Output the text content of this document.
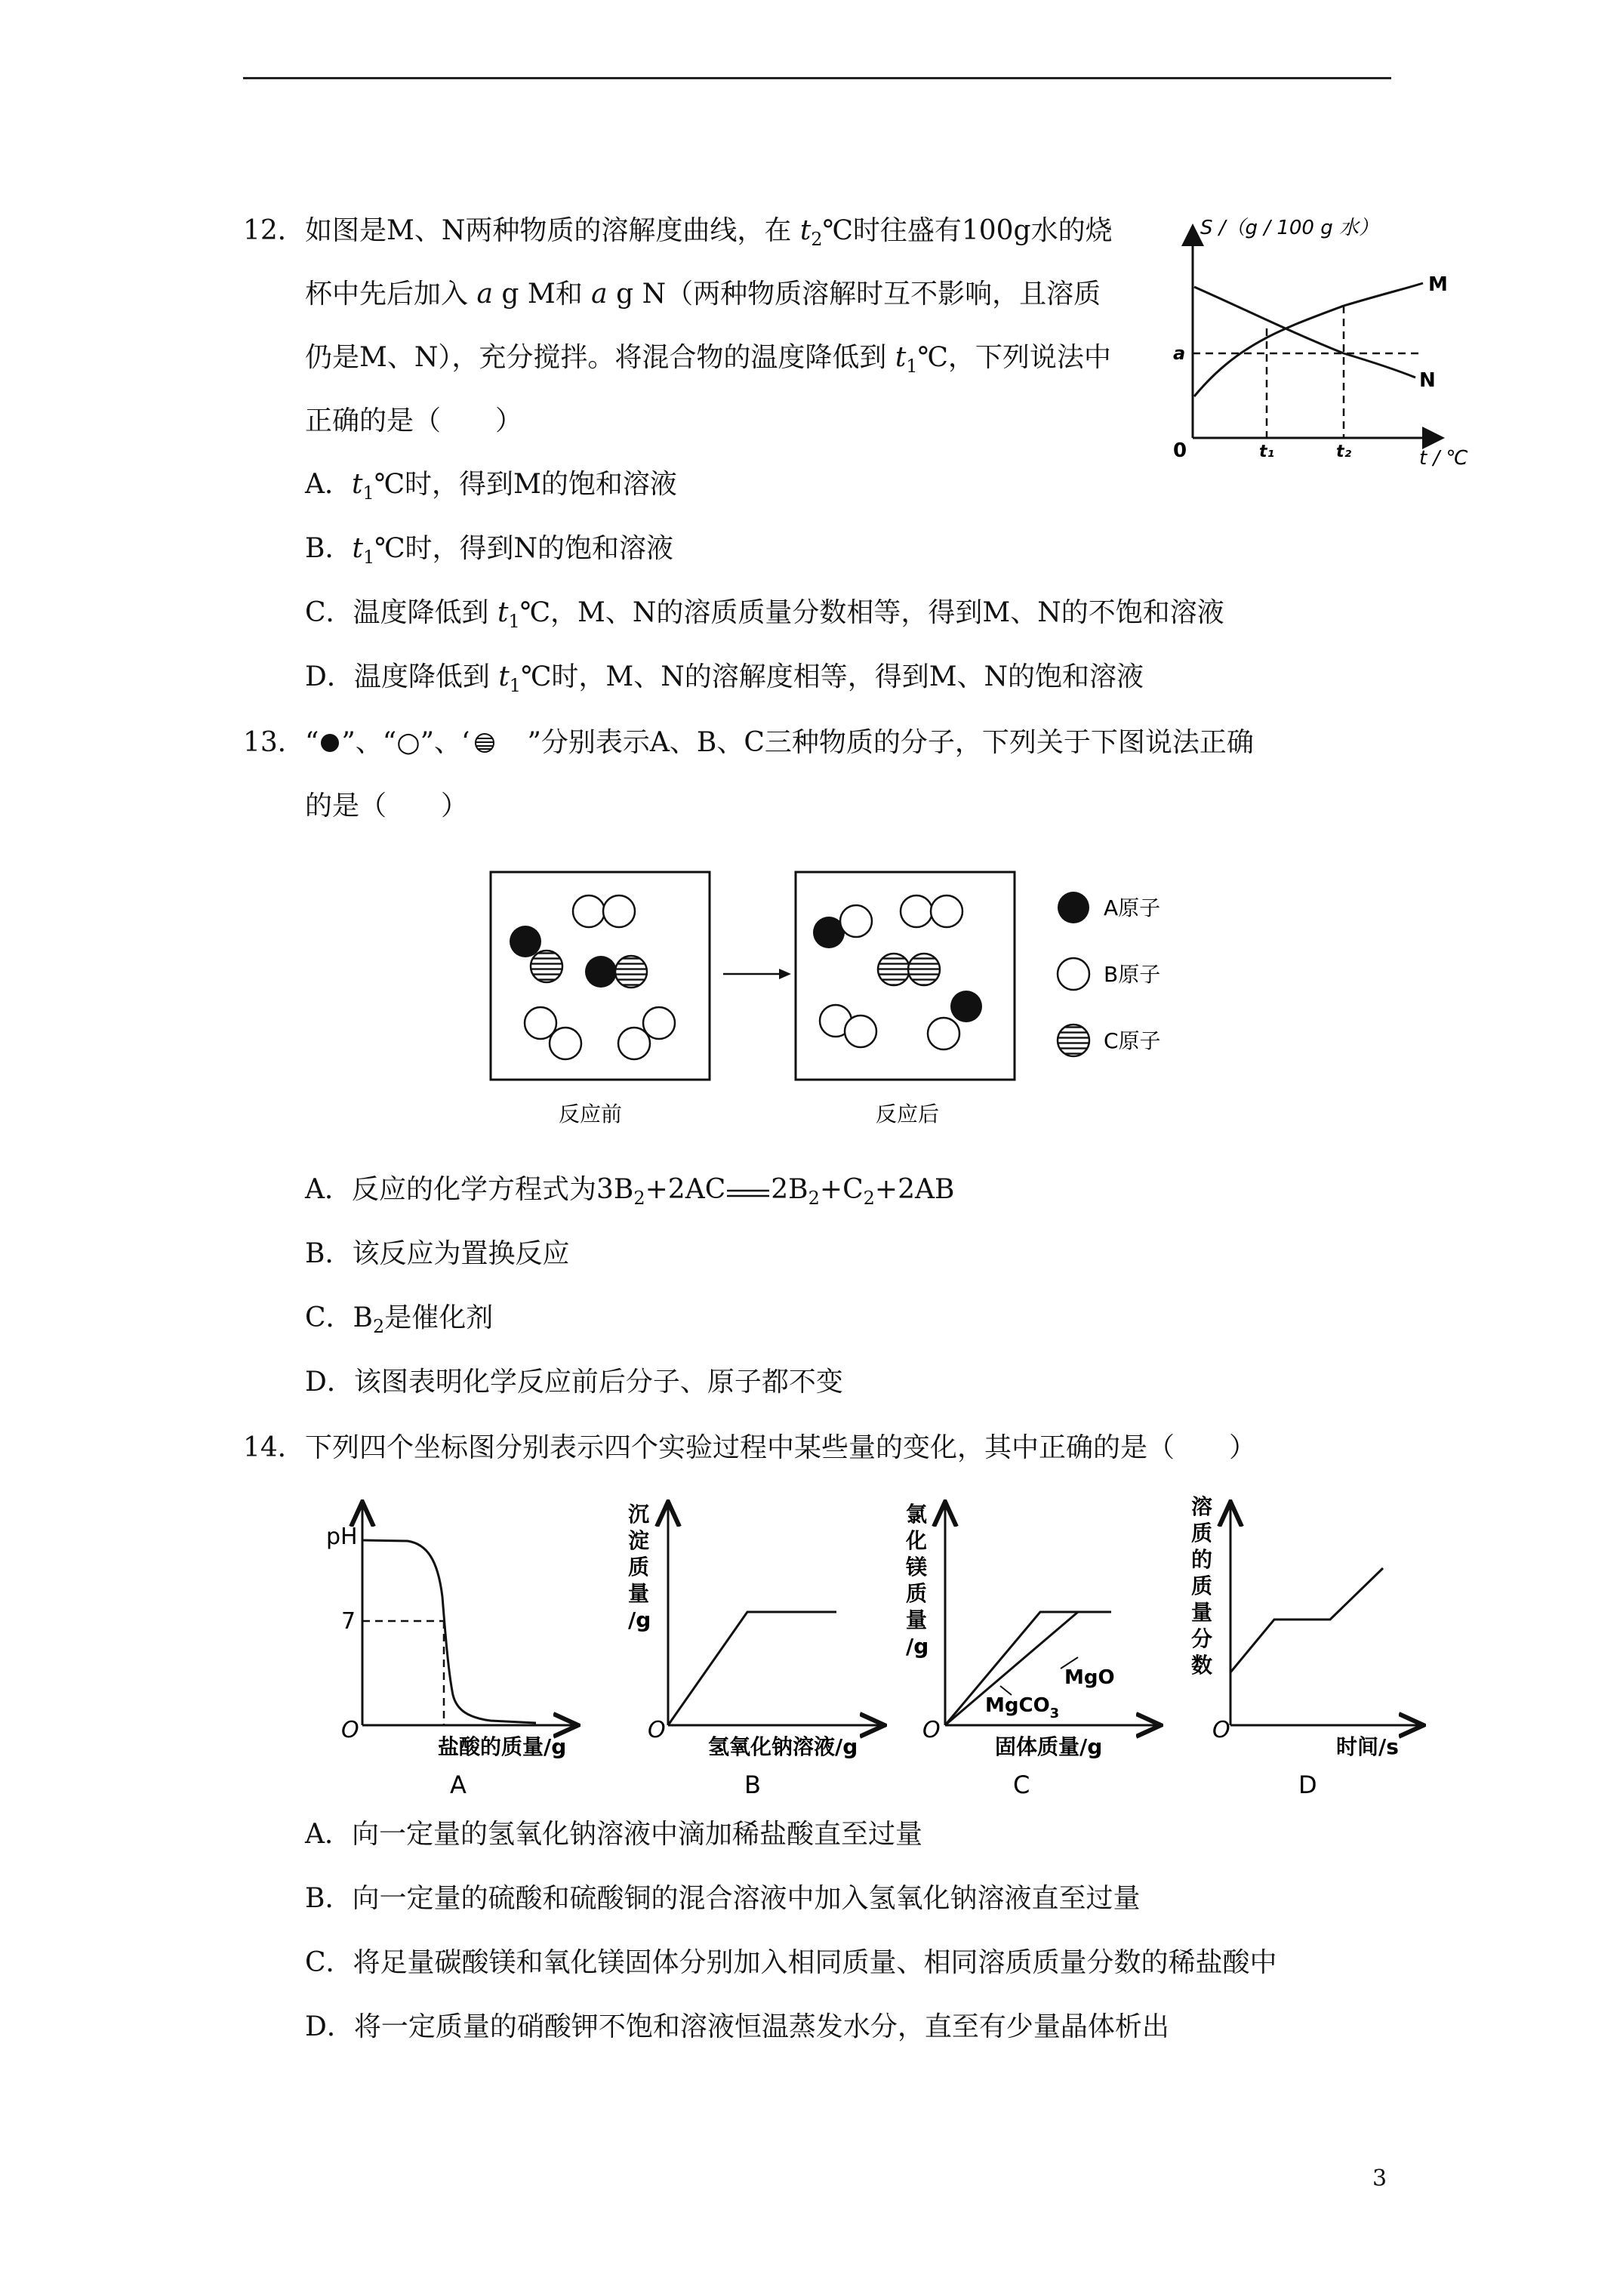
12．如图是M、N两种物质的溶解度曲线，在 $t_2℃$时往盛有100g水的烧
杯中先后加入 a g M和 a g N（两种物质溶解时互不影响，且溶质
仍是M、N），充分搅拌。将混合物的温度降低到 $t_1℃$，下列说法中
正确的是（　　）
A．$t_1℃$时，得到M的饱和溶液
B．$t_1℃$时，得到N的饱和溶液
C．温度降低到 $t_1℃$，M、N的溶质质量分数相等，得到M、N的不饱和溶液
D．温度降低到 $t_1℃$时，M、N的溶解度相等，得到M、N的饱和溶液
S /（g / 100 g 水）
M
N
a
0	t₁	t₂	t / ℃
13．“ ”、“○”、‘　”分别表示A、B、C三种物质的分子，下列关于下图说法正确
的是（　　）
A原子
B原子
C原子
反应前	反应后
A．反应的化学方程式为$3B_2+2AC$ $2B_2+C_2+2AB$
B．该反应为置换反应
C．$B_2$是催化剂
D．该图表明化学反应前后分子、原子都不变
14．下列四个坐标图分别表示四个实验过程中某些量的变化，其中正确的是（　　）
pH
7
O
盐酸的质量/g
A
沉
淀
质
量
/g
O
氢氧化钠溶液/g
B
氯
化
镁
质
量
/g
MgO
MgCO$_3$
O
固体质量/g
C
溶
质
的
质
量
分
数
O
时间/s
D
A．向一定量的氢氧化钠溶液中滴加稀盐酸直至过量
B．向一定量的硫酸和硫酸铜的混合溶液中加入氢氧化钠溶液直至过量
C．将足量碳酸镁和氧化镁固体分别加入相同质量、相同溶质质量分数的稀盐酸中
D．将一定质量的硝酸钾不饱和溶液恒温蒸发水分，直至有少量晶体析出
3
